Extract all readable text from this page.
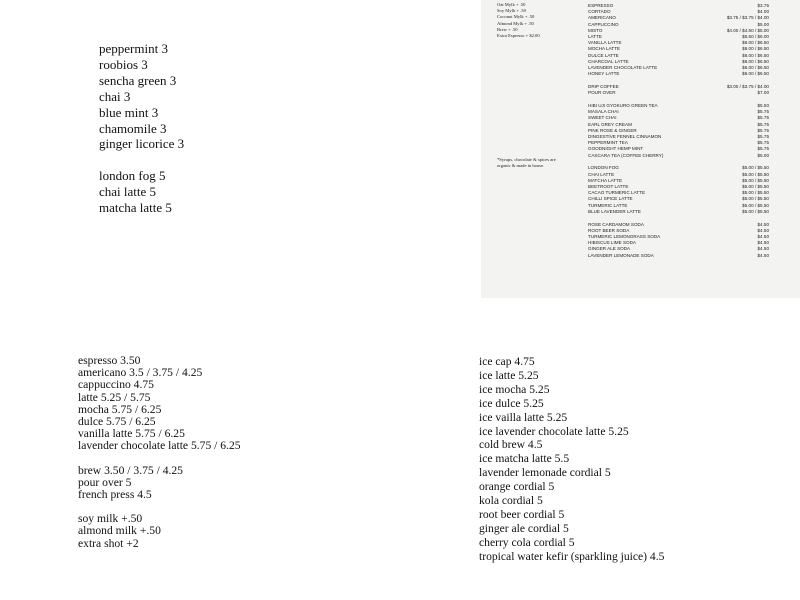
peppermint 3
roobios 3
sencha green 3
chai 3
blue mint 3
chamomile 3
ginger licorice 3
london fog 5
chai latte 5
matcha latte 5
espresso 3.50
americano 3.5 / 3.75 / 4.25
cappuccino 4.75
latte 5.25 / 5.75
mocha 5.75 / 6.25
dulce 5.75 / 6.25
vanilla latte 5.75 / 6.25
lavender chocolate latte 5.75 / 6.25
brew 3.50 / 3.75 / 4.25
pour over 5
french press 4.5
soy milk +.50
almond milk +.50
extra shot +2
ice cap 4.75
ice latte 5.25
ice mocha 5.25
ice dulce 5.25
ice vailla latte 5.25
ice lavender chocolate latte 5.25
cold brew 4.5
ice matcha latte 5.5
lavender lemonade cordial 5
orange cordial 5
kola cordial 5
root beer cordial 5
ginger ale cordial 5
cherry cola cordial 5
tropical water kefir (sparkling juice) 4.5
Oat Mylk + .50
Soy Mylk + .50
Coconut Mylk + .50
Almond Mylk + .50
Brew + .50
Extra Espresso + $2.00
*Syrups, chocolate & spices are organic & made in house.
ESPRESSO	$3.75
CORTADO	$4.00
AMERICANO	$3.75 / $3.75 / $4.00
CAPPUCCINO	$5.00
MISTO	$4.00 / $4.50 / $5.00
LATTE	$5.50 / $6.00
VANILLA LATTE	$6.00 / $6.50
MOCHA LATTE	$6.00 / $6.50
DULCE LATTE	$6.00 / $6.50
CHARCOAL LATTE	$6.00 / $6.50
LAVENDER CHOCOLATE LATTE	$6.00 / $6.50
HONEY LATTE	$6.00 / $6.50
DRIP COFFEE	$3.00 / $3.75 / $4.00
POUR OVER	$7.00
HIBI UJI GYOKURO GREEN TEA	$5.50
MASALA CHAI	$5.75
SWEET CHAI	$5.75
EARL GREY CREAM	$5.75
PINK ROSE & GINGER	$5.75
DINGESTIVE FENNEL CINNAMON	$5.75
PEPPERMINT TEA	$5.75
GOODNIGHT HEMP MINT	$5.75
CASCARA TEA (COFFEE CHERRY)	$5.00
LONDON FOG	$5.00 / $5.50
CHAI LATTE	$5.00 / $5.50
MATCHA LATTE	$5.00 / $5.50
BEETROOT LATTE	$5.00 / $5.50
CACAO TURMERIC LATTE	$5.00 / $5.50
CHILLI SPICE LATTE	$5.00 / $5.50
TURMERIC LATTE	$5.00 / $5.50
BLUE LAVENDER LATTE	$5.00 / $5.50
ROSE CARDAMOM SODA	$4.50
ROOT BEER SODA	$4.50
TURMERIC LEMONGRASS SODA	$4.50
HIBISCUS LIME SODA	$4.50
GINGER ALE SODA	$4.50
LAVENDER LEMONADE SODA	$4.50
